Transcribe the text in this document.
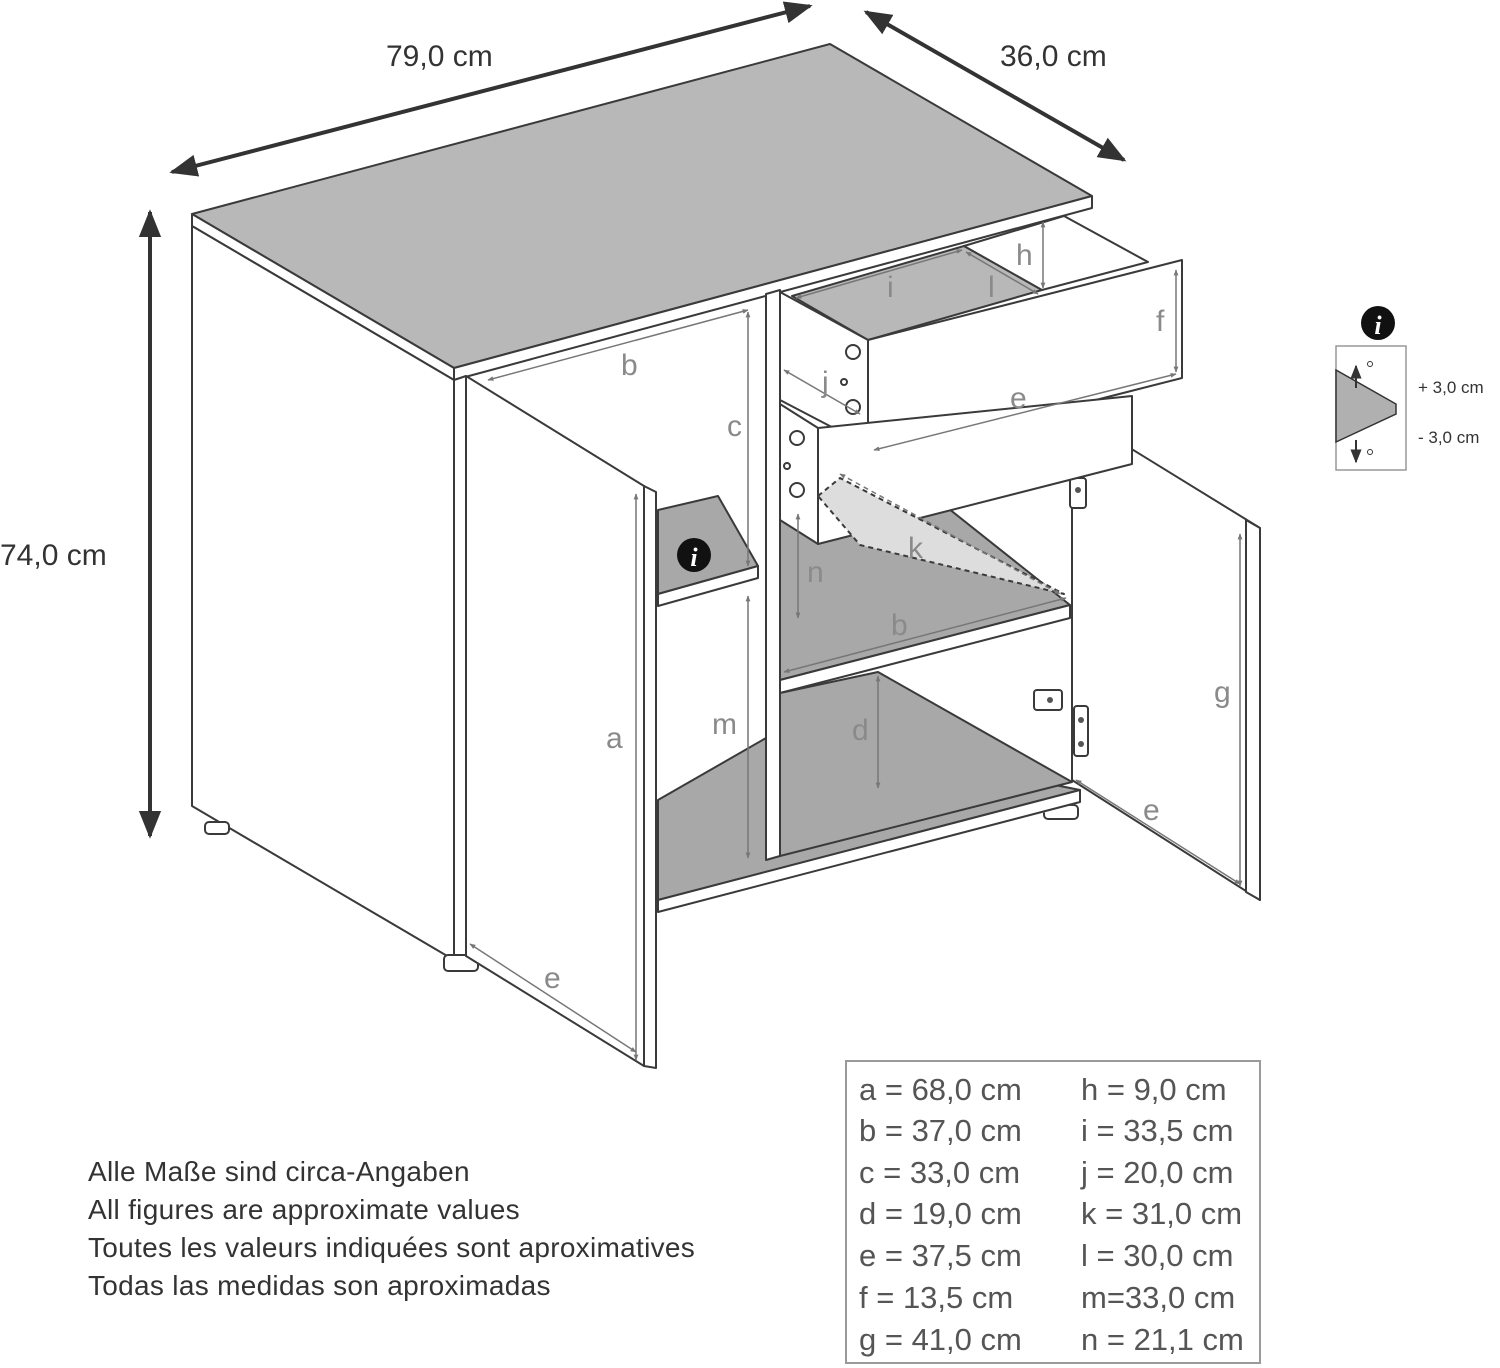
79,0 cm	36,0 cm
74,0 cm
a
b
b
c
d
e
e
e
f
g
h
i
j
k
l
m
n
i
i
+ 3,0 cm
- 3,0 cm
Alle Maße sind circa-Angaben
All figures are approximate values
Toutes les valeurs indiquées sont aproximatives
Todas las medidas son aproximadas
a = 68,0 cm
b = 37,0 cm
c = 33,0 cm
d = 19,0 cm
e = 37,5 cm
f = 13,5 cm
g = 41,0 cm
h = 9,0 cm
i = 33,5 cm
j = 20,0 cm
k = 31,0 cm
l = 30,0 cm
m=33,0 cm
n = 21,1 cm
